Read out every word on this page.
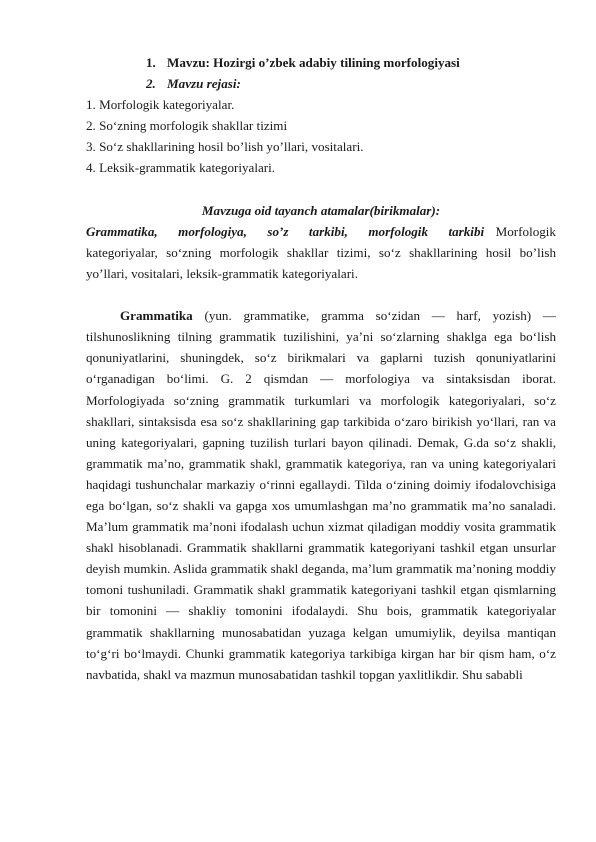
1. Mavzu: Hozirgi o’zbek adabiy tilining morfologiyasi
2. Mavzu rejasi:
1. Morfologik kategoriyalar.
2. So‘zning morfologik shakllar tizimi
3. So‘z shakllarining hosil bo’lish yo’llari, vositalari.
4. Leksik-grammatik kategoriyalari.
Mavzuga oid tayanch atamalar(birikmalar):

Grammatika, morfologiya, so’z tarkibi, morfologik tarkibi Morfologik kategoriyalar, so‘zning morfologik shakllar tizimi, so‘z shakllarining hosil bo’lish yo’llari, vositalari, leksik-grammatik kategoriyalari.

Grammatika (yun. grammatike, gramma so‘zidan — harf, yozish) — tilshunoslikning tilning grammatik tuzilishini, ya’ni so‘zlarning shaklga ega bo‘lish qonuniyatlarini, shuningdek, so‘z birikmalari va gaplarni tuzish qonuniyatlarini o‘rganadigan bo‘limi. G. 2 qismdan — morfologiya va sintaksisdan iborat. Morfologiyada so‘zning grammatik turkumlari va morfologik kategoriyalari, so‘z shakllari, sintaksisda esa so‘z shakllarining gap tarkibida o‘zaro birikish yo‘llari, ran va uning kategoriyalari, gapning tuzilish turlari bayon qilinadi. Demak, G.da so‘z shakli, grammatik ma’no, grammatik shakl, grammatik kategoriya, ran va uning kategoriyalari haqidagi tushunchalar markaziy o‘rinni egallaydi. Tilda o‘zining doimiy ifodalovchisiga ega bo‘lgan, so‘z shakli va gapga xos umumlashgan ma’no grammatik ma’no sanaladi. Ma’lum grammatik ma’noni ifodalash uchun xizmat qiladigan moddiy vosita grammatik shakl hisoblanadi. Grammatik shakllarni grammatik kategoriyani tashkil etgan unsurlar deyish mumkin. Aslida grammatik shakl deganda, ma’lum grammatik ma’noning moddiy tomoni tushuniladi. Grammatik shakl grammatik kategoriyani tashkil etgan qismlarning bir tomonini — shakliy tomonini ifodalaydi. Shu bois, grammatik kategoriyalar grammatik shakllarning munosabatidan yuzaga kelgan umumiylik, deyilsa mantiqan to‘g‘ri bo‘lmaydi. Chunki grammatik kategoriya tarkibiga kirgan har bir qism ham, o‘z navbatida, shakl va mazmun munosabatidan tashkil topgan yaxlitlikdir. Shu sababli
